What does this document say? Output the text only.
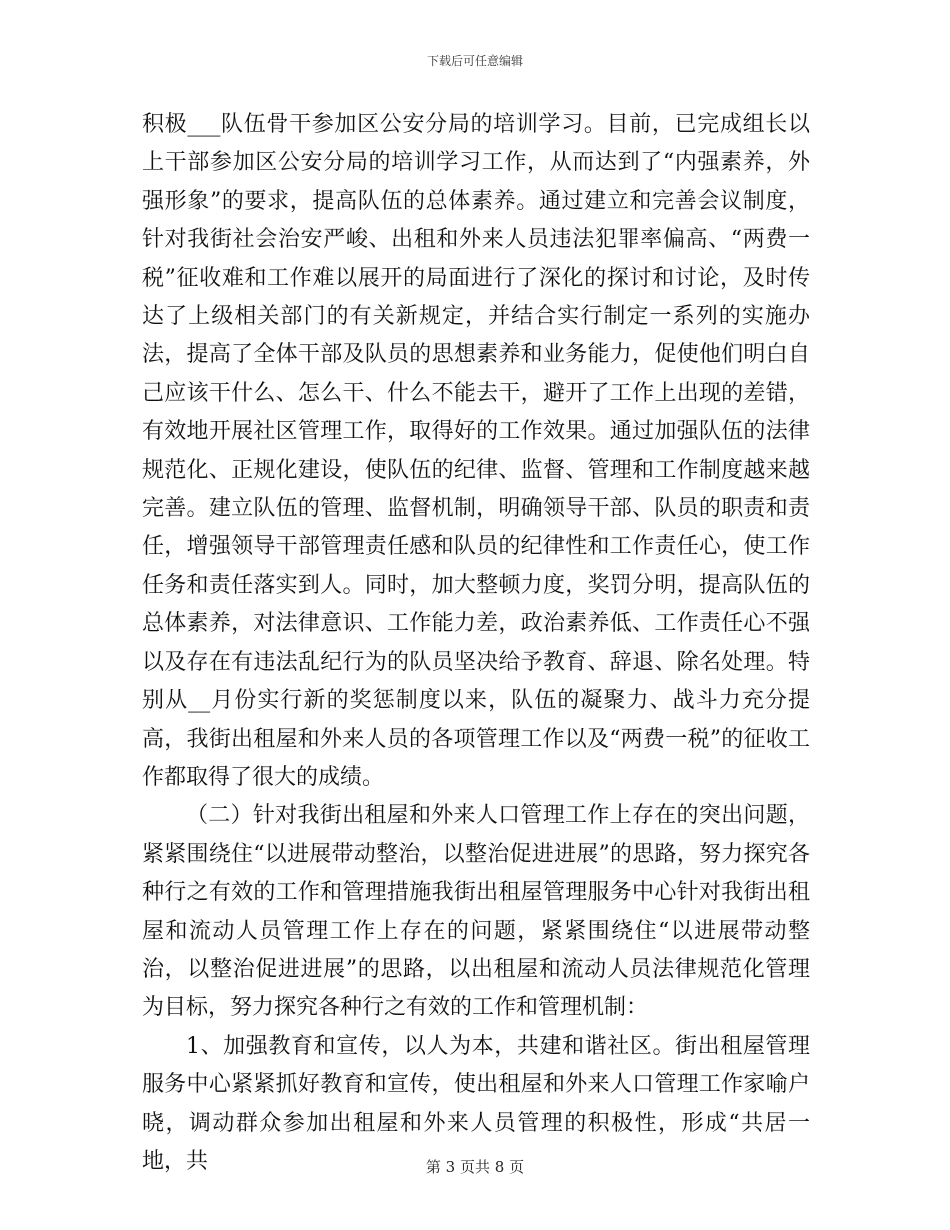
下载后可任意编辑

积极___队伍骨干参加区公安分局的培训学习。目前，已完成组长以上干部参加区公安分局的培训学习工作，从而达到了“内强素养，外强形象”的要求，提高队伍的总体素养。通过建立和完善会议制度，针对我街社会治安严峻、出租和外来人员违法犯罪率偏高、“两费一税”征收难和工作难以展开的局面进行了深化的探讨和讨论，及时传达了上级相关部门的有关新规定，并结合实行制定一系列的实施办法，提高了全体干部及队员的思想素养和业务能力，促使他们明白自己应该干什么、怎么干、什么不能去干，避开了工作上出现的差错，有效地开展社区管理工作，取得好的工作效果。通过加强队伍的法律规范化、正规化建设，使队伍的纪律、监督、管理和工作制度越来越完善。建立队伍的管理、监督机制，明确领导干部、队员的职责和责任，增强领导干部管理责任感和队员的纪律性和工作责任心，使工作任务和责任落实到人。同时，加大整顿力度，奖罚分明，提高队伍的总体素养，对法律意识、工作能力差，政治素养低、工作责任心不强以及存在有违法乱纪行为的队员坚决给予教育、辞退、除名处理。特别从__月份实行新的奖惩制度以来，队伍的凝聚力、战斗力充分提高，我街出租屋和外来人员的各项管理工作以及“两费一税”的征收工作都取得了很大的成绩。

（二）针对我街出租屋和外来人口管理工作上存在的突出问题，紧紧围绕住“以进展带动整治，以整治促进进展”的思路，努力探究各种行之有效的工作和管理措施我街出租屋管理服务中心针对我街出租屋和流动人员管理工作上存在的问题，紧紧围绕住“以进展带动整治，以整治促进进展”的思路，以出租屋和流动人员法律规范化管理为目标，努力探究各种行之有效的工作和管理机制：

1、加强教育和宣传，以人为本，共建和谐社区。街出租屋管理服务中心紧紧抓好教育和宣传，使出租屋和外来人口管理工作家喻户晓，调动群众参加出租屋和外来人员管理的积极性，形成“共居一地，共	第 3 页共 8 页
